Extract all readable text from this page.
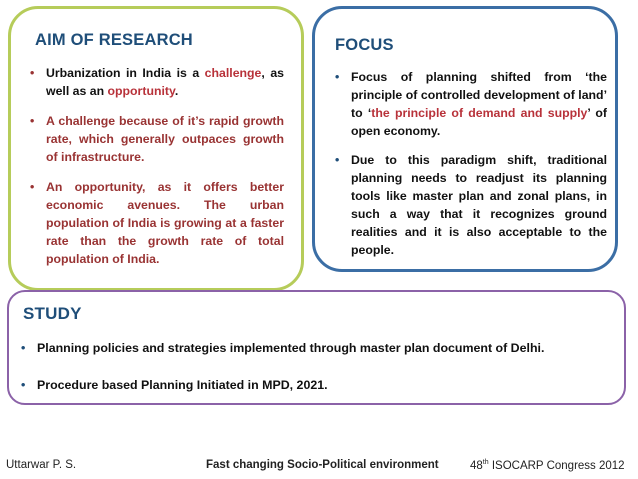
AIM OF RESEARCH
• Urbanization in India is a challenge, as well as an opportunity.
• A challenge because of it’s rapid growth rate, which generally outpaces growth of infrastructure.
• An opportunity, as it offers better economic avenues. The urban population of India is growing at a faster rate than the growth rate of total population of India.
FOCUS
• Focus of planning shifted from ‘the principle of controlled development of land’ to ‘the principle of demand and supply’ of open economy.
• Due to this paradigm shift, traditional planning needs to readjust its planning tools like master plan and zonal plans, in such a way that it recognizes ground realities and it is also acceptable to the people.
STUDY
• Planning policies and strategies implemented through master plan document of Delhi.
• Procedure based Planning Initiated in MPD, 2021.
Uttarwar P. S.	Fast changing Socio-Political environment	48th ISOCARP Congress 2012
